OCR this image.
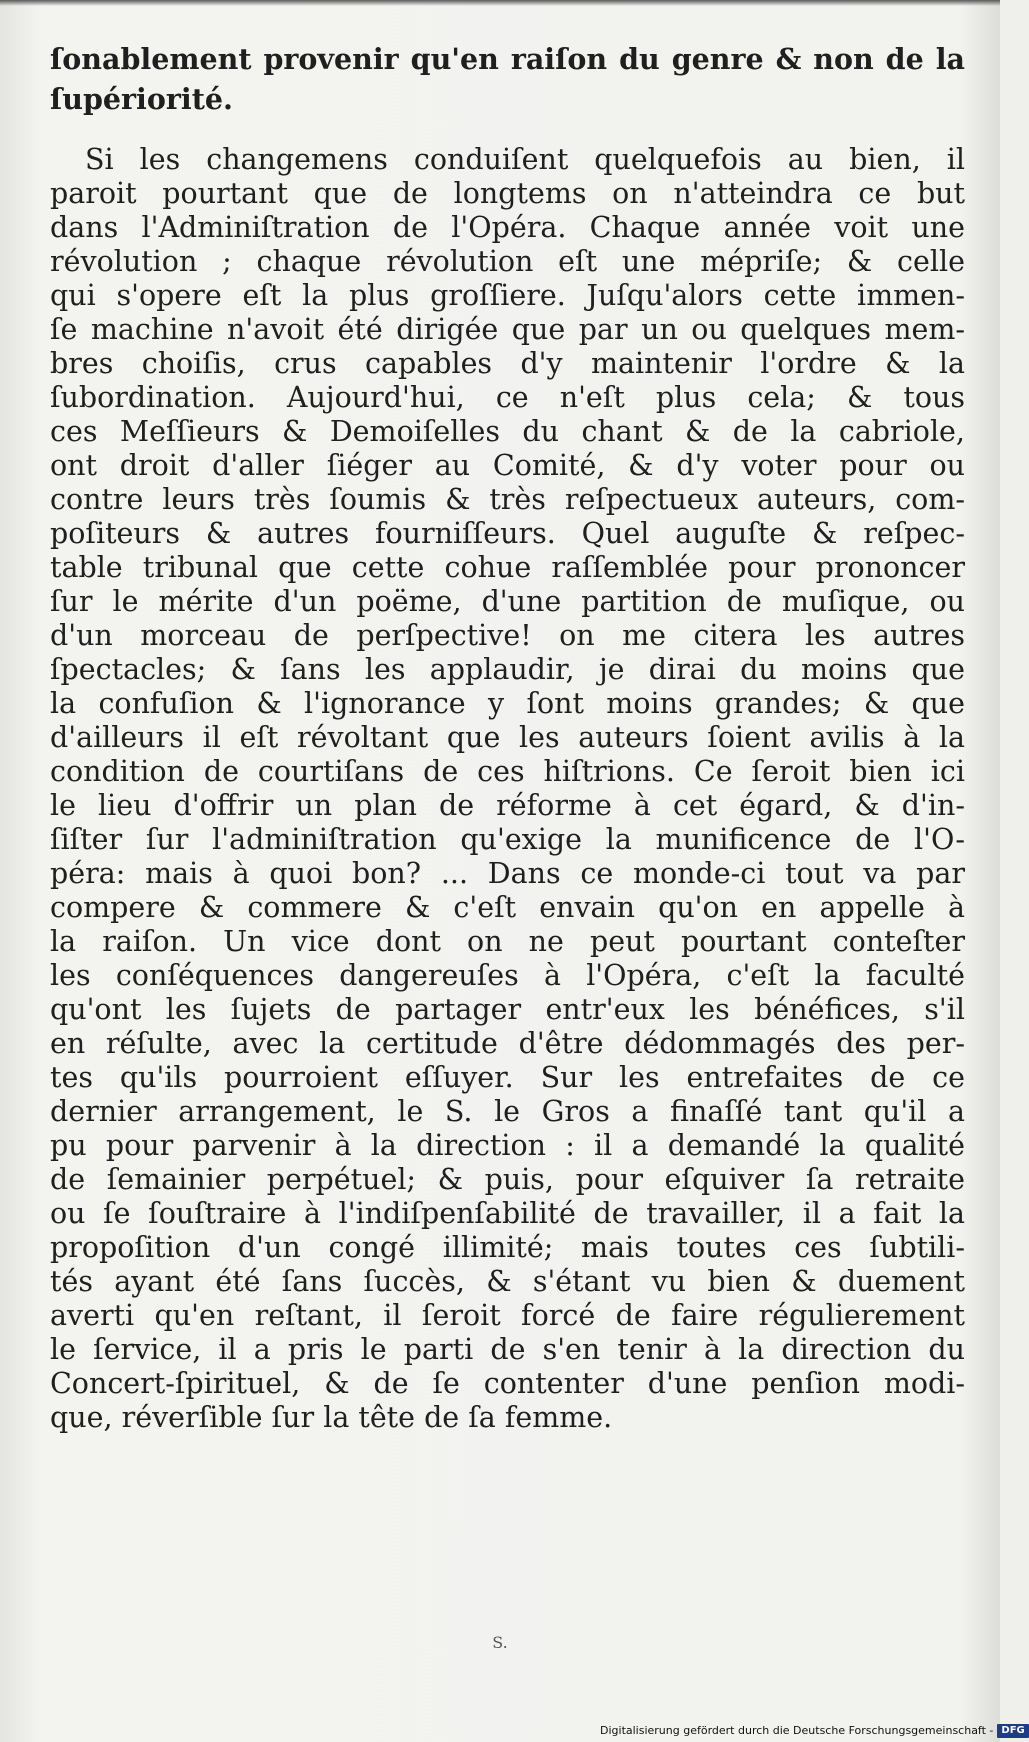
ſonablement provenir qu'en raiſon du genre & non de la
ſupériorité.
Si les changemens conduiſent quelquefois au bien, il
paroit pourtant que de longtems on n'atteindra ce but
dans l'Adminiſtration de l'Opéra. Chaque année voit une
révolution ; chaque révolution eſt une mépriſe; & celle
qui s'opere eſt la plus groſſiere. Juſqu'alors cette immen-
ſe machine n'avoit été dirigée que par un ou quelques mem-
bres choiſis, crus capables d'y maintenir l'ordre & la
ſubordination. Aujourd'hui, ce n'eſt plus cela; & tous
ces Meſſieurs & Demoiſelles du chant & de la cabriole,
ont droit d'aller ſiéger au Comité, & d'y voter pour ou
contre leurs très ſoumis & très reſpectueux auteurs, com-
poſiteurs & autres fourniſſeurs. Quel auguſte & reſpec-
table tribunal que cette cohue raſſemblée pour prononcer
ſur le mérite d'un poëme, d'une partition de muſique, ou
d'un morceau de perſpective! on me citera les autres
ſpectacles; & ſans les applaudir, je dirai du moins que
la confuſion & l'ignorance y ſont moins grandes; & que
d'ailleurs il eſt révoltant que les auteurs ſoient avilis à la
condition de courtiſans de ces hiſtrions. Ce ſeroit bien ici
le lieu d'offrir un plan de réforme à cet égard, & d'in-
ſiſter ſur l'adminiſtration qu'exige la munificence de l'O-
péra: mais à quoi bon? ... Dans ce monde-ci tout va par
compere & commere & c'eſt envain qu'on en appelle à
la raiſon. Un vice dont on ne peut pourtant conteſter
les conſéquences dangereuſes à l'Opéra, c'eſt la faculté
qu'ont les ſujets de partager entr'eux les bénéfices, s'il
en réſulte, avec la certitude d'être dédommagés des per-
tes qu'ils pourroient eſſuyer. Sur les entrefaites de ce
dernier arrangement, le S. le Gros a finaſſé tant qu'il a
pu pour parvenir à la direction : il a demandé la qualité
de ſemainier perpétuel; & puis, pour eſquiver ſa retraite
ou ſe ſouſtraire à l'indiſpenſabilité de travailler, il a fait la
propoſition d'un congé illimité; mais toutes ces ſubtili-
tés ayant été ſans ſuccès, & s'étant vu bien & duement
averti qu'en reſtant, il ſeroit forcé de faire régulierement
le ſervice, il a pris le parti de s'en tenir à la direction du
Concert-ſpirituel, & de ſe contenter d'une penſion modi-
que, réverſible ſur la tête de ſa femme.
S.
Digitalisierung gefördert durch die Deutsche Forschungsgemeinschaft - DFG
